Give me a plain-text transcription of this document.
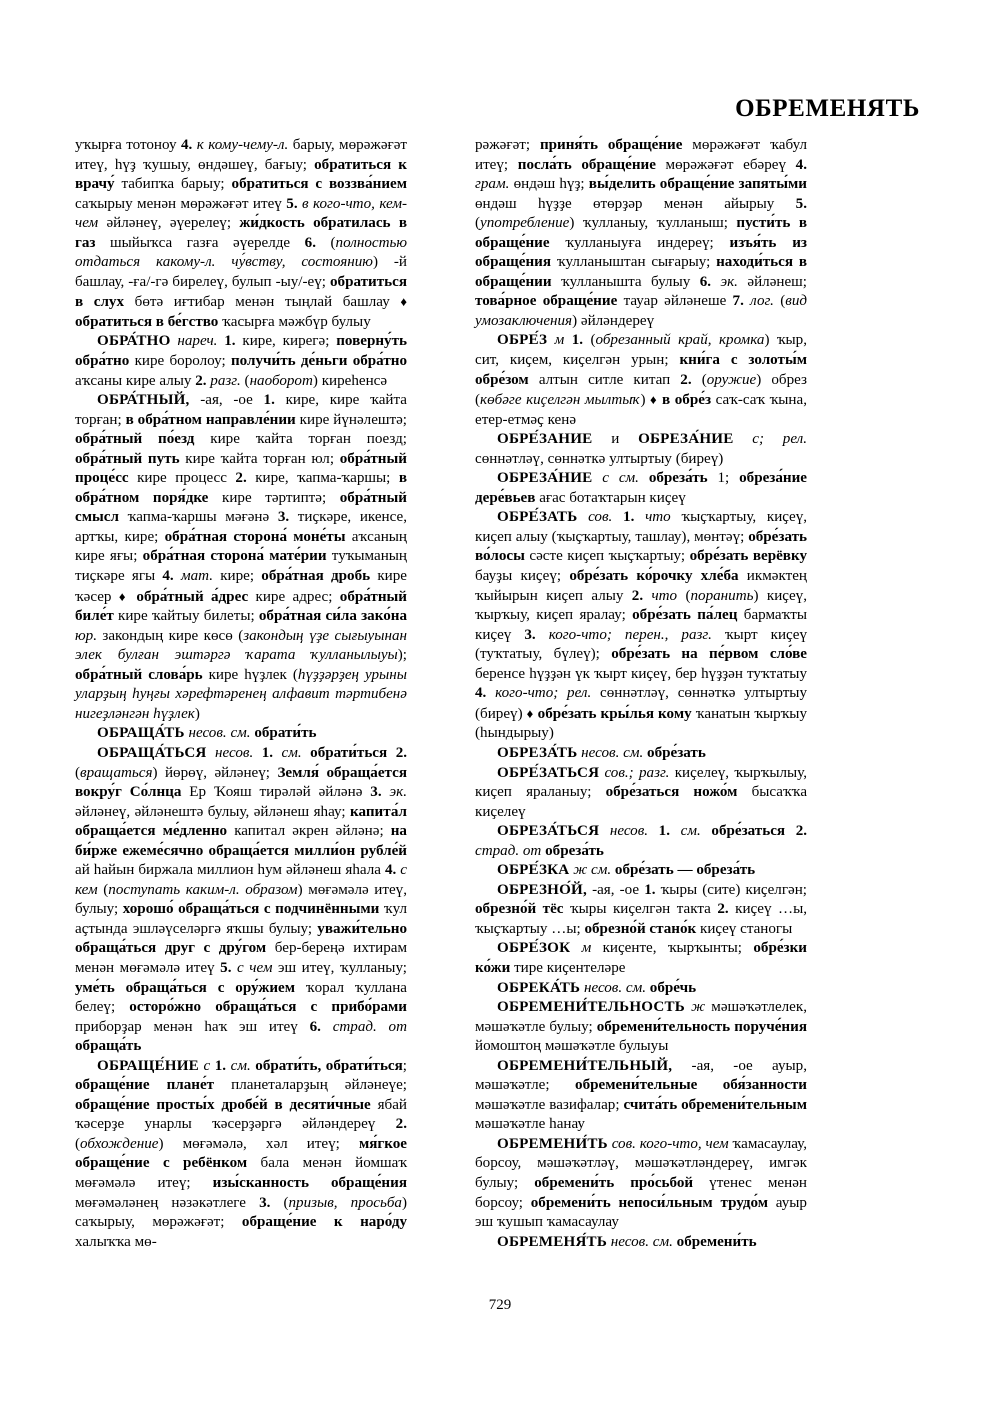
ОБРЕМЕНЯТЬ

уҡырға тотоноу 4. к кому-чему-л. барыу, мөрәжәғәт итеү, һүҙ ҡушыу, өндәшеү, бағыу; обратиться к врачу́ табипҡа барыу; обратиться с воззва́нием саҡырыу менән мөрәжәғәт итеү 5. в кого-что, кем-чем әйләнеү, әүерелеү; жи́дкость обратилась в газ шыйыҡса газға әүерелде 6. (полностью отдаться какому-л. чу́вству, состоянию) -й башлау, -ға/-гә бирелеү, булып -ыу/-еү; обратиться в слух бөтә иғтибар менән тыңлай башлау ♦ обратиться в бе́гство ҡасырға мәжбүр булыу

ОБРА́ТНО нареч. 1. кире, кирегә; поверну́ть обра́тно кире боролоу; получи́ть де́ньги обра́тно аҡсаны кире алыу 2. разг. (наоборот) киреһенсә

ОБРА́ТНЫЙ, -ая, -ое 1. кире, кире ҡайта торған; в обра́тном направле́нии кире йүнәлештә; обра́тный по́езд кире ҡайта торған поезд; обра́тный путь кире ҡайта торған юл; обра́тный проце́сс кире процесс 2. кире, ҡапма-ҡаршы; в обра́тном поря́дке кире тәртиптә; обра́тный смысл ҡапма-ҡаршы мәғәнә 3. тиҫкәре, икенсе, артҡы, кире; обра́тная сторона́ моне́ты аҡсаның кире яғы; обра́тная сторона́ мате́рии туҡыманың тиҫкәре ягы 4. мат. кире; обра́тная дробь кире ҡәсер ♦ обра́тный а́дрес кире адрес; обра́тный биле́т кире ҡайтыу билеты; обра́тная си́ла зако́на юр. закондың кире көсө (закондың үҙе сығыуынан элек булған эштәргә ҡарата ҡулланылыуы); обра́тный слова́рь кире һүҙлек (һүҙҙәрҙең урыны уларҙың һуңғы хәрефтәренең алфавит тәртибенә нигеҙләнгән һүҙлек)

ОБРАЩА́ТЬ несов. см. обрати́ть

ОБРАЩА́ТЬСЯ несов. 1. см. обрати́ться 2. (вращаться) йөрөү, әйләнеү; Земля́ обраща́ется вокру́г Со́лнца Ер Ҡояш тирәләй әйләнә 3. эк. әйләнеү, әйләнештә булыу, әйләнеш яһау; капита́л обраща́ется ме́дленно капитал әкрен әйләнә; на би́рже ежеме́сячно обраща́ется милли́он рубле́й ай һайын биржала миллион һум әйләнеш яһала 4. с кем (поступать каким-л. образом) мөғәмәлә итеү, булыу; хорошо́ обраща́ться с подчинёнными ҡул аҫтында эшләүселәргә яҡшы булыу; уважи́тельно обраща́ться друг с дру́гом бер-береңә ихтирам менән мөғәмәлә итеү 5. с чем эш итеү, ҡулланыу; уме́ть обраща́ться с ору́жием ҡорал ҡуллана белеү; осторо́жно обраща́ться с прибо́рами приборҙар менән һаҡ эш итеү 6. страд. от обраща́ть

ОБРАЩЕ́НИЕ с 1. см. обрати́ть, обрати́ться; обраще́ние плане́т планеталарҙың әйләнеүе; обраще́ние просты́х дробе́й в десяти́чные ябай ҡәсерҙе унарлы ҡәсерҙәргә әйләндереү 2. (обхождение) мөғәмәлә, хәл итеү; мя́гкое обраще́ние с ребёнком бала менән йомшаҡ мөғәмәлә итеү; изы́сканность обраще́ния мөғәмәләнең нәзәкәтлеге 3. (призыв, просьба) саҡырыу, мөрәжәғәт; обраще́ние к наро́ду халыҡҡа мө-

рәжәғәт; приня́ть обраще́ние мөрәжәғәт ҡабул итеү; посла́ть обраще́ние мөрәжәғәт ебәреү 4. грам. өндәш һүҙ; вы́делить обраще́ние запяты́ми өндәш һүҙҙе өтөрҙәр менән айырыу 5. (употребление) ҡулланыу, ҡулланыш; пусти́ть в обраще́ние ҡулланыуға индереү; изъя́ть из обраще́ния ҡулланыштан сығарыу; находи́ться в обраще́нии ҡулланышта булыу 6. эк. әйләнеш; това́рное обраще́ние тауар әйләнеше 7. лог. (вид умозаключения) әйләндереү

ОБРЕ́З м 1. (обрезанный край, кромка) ҡыр, сит, киҫем, киҫелгән урын; кни́га с золоты́м обре́зом алтын ситле китап 2. (оружие) обрез (көбәге киҫелгән мылтыҡ) ♦ в обре́з саҡ-саҡ ҡына, етер-етмәҫ кенә

ОБРЕ́ЗАНИЕ и ОБРЕЗА́НИЕ с; рел. сөннәтләү, сөннәткә ултыртыу (биреү)

ОБРЕЗА́НИЕ с см. обреза́ть 1; обреза́ние дере́вьев ағас ботаҡтарын киҫеү

ОБРЕ́ЗАТЬ сов. 1. что ҡыҫҡартыу, киҫеү, киҫеп алыу (ҡыҫҡартыу, ташлау), мөнтәү; обре́зать во́лосы сәсте киҫеп ҡыҫҡартыу; обре́зать верёвку бауҙы киҫеү; обре́зать ко́рочку хле́ба икмәктең ҡыйырын киҫеп алыу 2. что (поранить) киҫеү, ҡырҡыу, киҫеп яралау; обре́зать па́лец бармаҡты киҫеү 3. кого-что; перен., разг. ҡырт киҫеү (туҡтатыу, бүлеү); обре́зать на пе́рвом сло́ве беренсе һүҙҙән үк ҡырт киҫеү, бер һүҙҙән туҡтатыу 4. кого-что; рел. сөннәтләү, сөннәткә ултыртыу (биреү) ♦ обре́зать кры́лья кому ҡанатын ҡырҡыу (һындырыу)

ОБРЕЗА́ТЬ несов. см. обре́зать

ОБРЕ́ЗАТЬСЯ сов.; разг. киҫелеү, ҡырҡылыу, киҫеп яраланыу; обре́заться ножо́м бысаҡҡа киҫелеү

ОБРЕЗА́ТЬСЯ несов. 1. см. обре́заться 2. страд. от обреза́ть

ОБРЕ́ЗКА ж см. обре́зать — обреза́ть

ОБРЕЗНО́Й, -ая, -ое 1. ҡыры (сите) киҫелгән; обрезно́й тёс ҡыры киҫелгән такта 2. киҫеү …ы, ҡыҫҡартыу …ы; обрезно́й стано́к киҫеү станогы

ОБРЕ́ЗОК м киҫенте, ҡырҡынты; обре́зки ко́жи тире киҫентеләре

ОБРЕКА́ТЬ несов. см. обре́чь

ОБРЕМЕНИ́ТЕЛЬНОСТЬ ж мәшәҡәтлелек, мәшәҡәтле булыу; обремени́тельность поруче́ния йомоштоң мәшәҡәтле булыуы

ОБРЕМЕНИ́ТЕЛЬНЫЙ, -ая, -ое ауыр, мәшәҡәтле; обремени́тельные обя́занности мәшәҡәтле вазифалар; счита́ть обремени́тельным мәшәҡәтле һанау

ОБРЕМЕНИ́ТЬ сов. кого-что, чем ҡамасаулау, борсоу, мәшәҡәтләү, мәшәҡәтләндереү, имгәк булыу; обремени́ть про́сьбой үтенес менән борсоу; обремени́ть непоси́льным трудо́м ауыр эш ҡушып ҡамасаулау

ОБРЕМЕНЯ́ТЬ несов. см. обремени́ть

729
